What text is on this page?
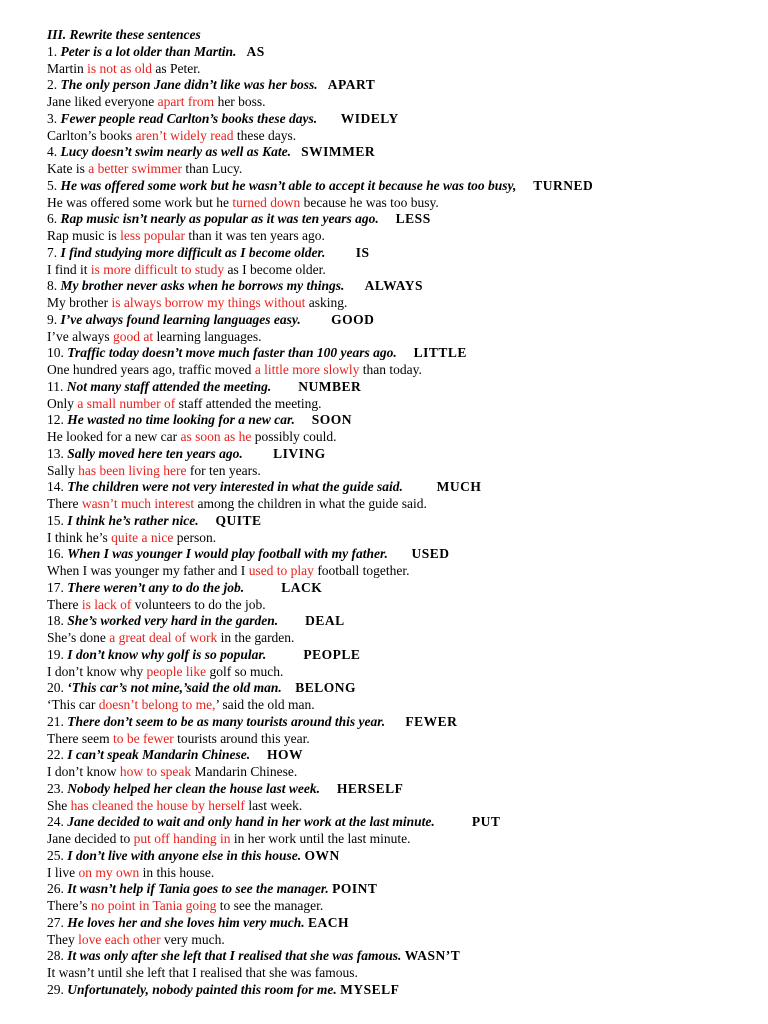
III. Rewrite these sentences
1. Peter is a lot older than Martin. AS
Martin is not as old as Peter.
2. The only person Jane didn’t like was her boss. APART
Jane liked everyone apart from her boss.
3. Fewer people read Carlton’s books these days. WIDELY
Carlton’s books aren’t widely read these days.
4. Lucy doesn’t swim nearly as well as Kate. SWIMMER
Kate is a better swimmer than Lucy.
5. He was offered some work but he wasn’t able to accept it because he was too busy, TURNED
He was offered some work but he turned down because he was too busy.
6. Rap music isn’t nearly as popular as it was ten years ago. LESS
Rap music is less popular than it was ten years ago.
7. I find studying more difficult as I become older. IS
I find it is more difficult to study as I become older.
8. My brother never asks when he borrows my things. ALWAYS
My brother is always borrow my things without asking.
9. I’ve always found learning languages easy. GOOD
I’ve always good at learning languages.
10. Traffic today doesn’t move much faster than 100 years ago. LITTLE
One hundred years ago, traffic moved a little more slowly than today.
11. Not many staff attended the meeting. NUMBER
Only a small number of staff attended the meeting.
12. He wasted no time looking for a new car. SOON
He looked for a new car as soon as he possibly could.
13. Sally moved here ten years ago. LIVING
Sally has been living here for ten years.
14. The children were not very interested in what the guide said.	MUCH
There wasn’t much interest among the children in what the guide said.
15. I think he’s rather nice. QUITE
I think he’s quite a nice person.
16. When I was younger I would play football with my father. USED
When I was younger my father and I used to play football together.
17. There weren’t any to do the job.	LACK
There is lack of volunteers to do the job.
18. She’s worked very hard in the garden. DEAL
She’s done a great deal of work in the garden.
19. I don’t know why golf is so popular.	PEOPLE
I don’t know why people like golf so much.
20. ‘This car’s not mine,’said the old man. BELONG
‘This car doesn’t belong to me,’ said the old man.
21. There don’t seem to be as many tourists around this year. FEWER
There seem to be fewer tourists around this year.
22. I can’t speak Mandarin Chinese. HOW
I don’t know how to speak Mandarin Chinese.
23. Nobody helped her clean the house last week. HERSELF
She has cleaned the house by herself last week.
24. Jane decided to wait and only hand in her work at the last minute.	PUT
Jane decided to put off handing in in her work until the last minute.
25. I don’t live with anyone else in this house. OWN
I live on my own in this house.
26. It wasn’t help if Tania goes to see the manager. POINT
There’s no point in Tania going to see the manager.
27. He loves her and she loves him very much. EACH
They love each other very much.
28. It was only after she left that I realised that she was famous. WASN’T
It wasn’t until she left that I realised that she was famous.
29. Unfortunately, nobody painted this room for me. MYSELF
